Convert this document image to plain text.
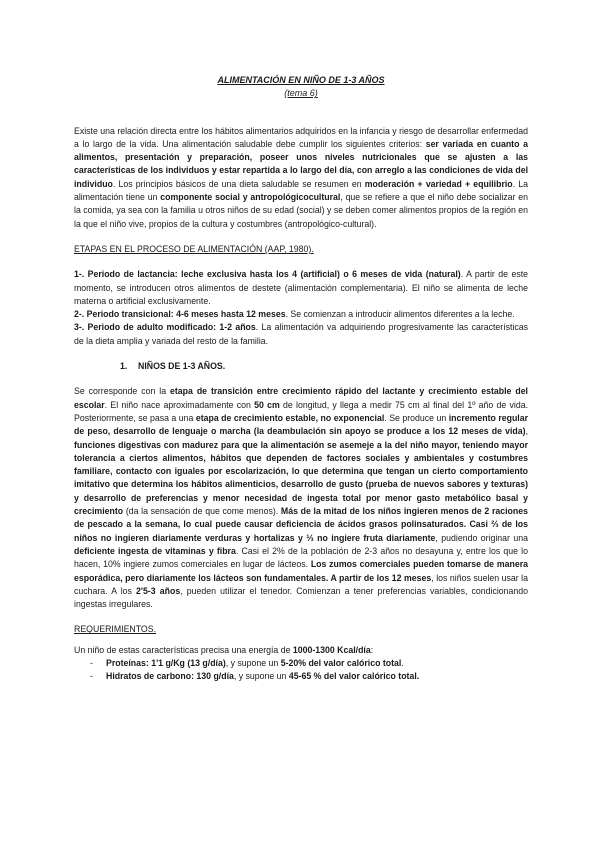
ALIMENTACIÓN EN NIÑO DE 1-3 AÑOS
(tema 6)

Existe una relación directa entre los hábitos alimentarios adquiridos en la infancia y riesgo de desarrollar enfermedad a lo largo de la vida. Una alimentación saludable debe cumplir los siguientes criterios: ser variada en cuanto a alimentos, presentación y preparación, poseer unos niveles nutricionales que se ajusten a las características de los individuos y estar repartida a lo largo del día, con arreglo a las condiciones de vida del individuo. Los principios básicos de una dieta saludable se resumen en moderación + variedad + equilibrio. La alimentación tiene un componente social y antropológicocultural, que se refiere a que el niño debe socializar en la comida, ya sea con la familia u otros niños de su edad (social) y se deben comer alimentos propios de la región en la que el niño vive, propios de la cultura y costumbres (antropológico-cultural).

ETAPAS EN EL PROCESO DE ALIMENTACIÓN (AAP, 1980).

1-. Periodo de lactancia: leche exclusiva hasta los 4 (artificial) o 6 meses de vida (natural). A partir de este momento, se introducen otros alimentos de destete (alimentación complementaria). El niño se alimenta de leche materna o artificial exclusivamente.

2-. Periodo transicional: 4-6 meses hasta 12 meses. Se comienzan a introducir alimentos diferentes a la leche.

3-. Periodo de adulto modificado: 1-2 años. La alimentación va adquiriendo progresivamente las características de la dieta amplia y variada del resto de la familia.

1. NIÑOS DE 1-3 AÑOS.

Se corresponde con la etapa de transición entre crecimiento rápido del lactante y crecimiento estable del escolar. El niño nace aproximadamente con 50 cm de longitud, y llega a medir 75 cm al final del 1º año de vida. Posteriormente, se pasa a una etapa de crecimiento estable, no exponencial. Se produce un incremento regular de peso, desarrollo de lenguaje o marcha (la deambulación sin apoyo se produce a los 12 meses de vida), funciones digestivas con madurez para que la alimentación se asemeje a la del niño mayor, teniendo mayor tolerancia a ciertos alimentos, hábitos que dependen de factores sociales y ambientales y costumbres familiare, contacto con iguales por escolarización, lo que determina que tengan un cierto comportamiento imitativo que determina los hábitos alimenticios, desarrollo de gusto (prueba de nuevos sabores y texturas) y desarrollo de preferencias y menor necesidad de ingesta total por menor gasto metabólico basal y crecimiento (da la sensación de que come menos). Más de la mitad de los niños ingieren menos de 2 raciones de pescado a la semana, lo cual puede causar deficiencia de ácidos grasos polinsaturados. Casi ⅔ de los niños no ingieren diariamente verduras y hortalizas y ⅓ no ingiere fruta diariamente, pudiendo originar una deficiente ingesta de vitaminas y fibra. Casi el 2% de la población de 2-3 años no desayuna y, entre los que lo hacen, 10% ingiere zumos comerciales en lugar de lácteos. Los zumos comerciales pueden tomarse de manera esporádica, pero diariamente los lácteos son fundamentales. A partir de los 12 meses, los niños suelen usar la cuchara. A los 2'5-3 años, pueden utilizar el tenedor. Comienzan a tener preferencias variables, condicionando ingestas irregulares.

REQUERIMIENTOS.

Un niño de estas características precisa una energía de 1000-1300 Kcal/día:

- Proteínas: 1'1 g/Kg (13 g/día), y supone un 5-20% del valor calórico total.
- Hidratos de carbono: 130 g/día, y supone un 45-65 % del valor calórico total.
